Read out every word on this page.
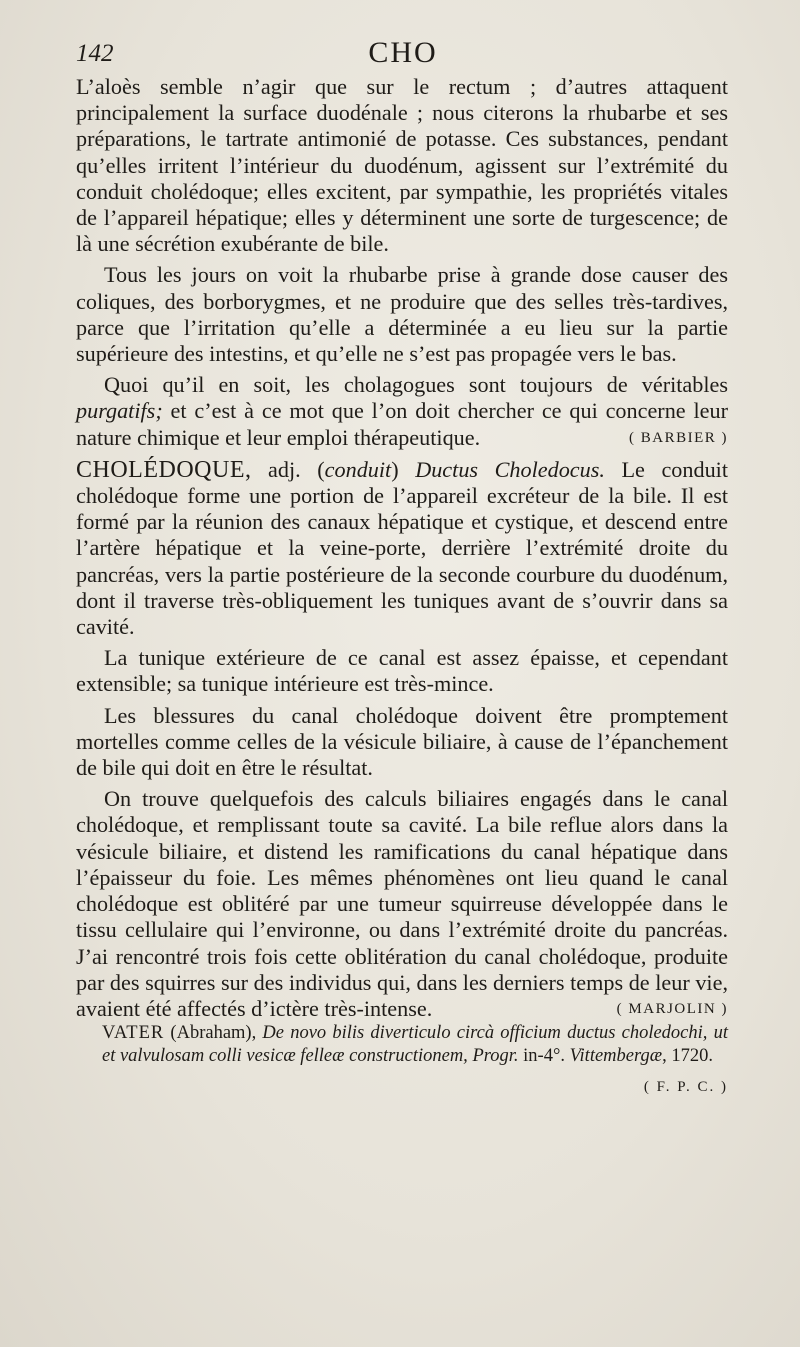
142	CHO

L’aloès semble n’agir que sur le rectum ; d’autres attaquent principalement la surface duodénale ; nous citerons la rhubarbe et ses préparations, le tartrate antimonié de potasse. Ces substances, pendant qu’elles irritent l’intérieur du duodénum, agissent sur l’extrémité du conduit cholédoque; elles excitent, par sympathie, les propriétés vitales de l’appareil hépatique; elles y déterminent une sorte de turgescence; de là une sécrétion exubérante de bile.

Tous les jours on voit la rhubarbe prise à grande dose causer des coliques, des borborygmes, et ne produire que des selles très-tardives, parce que l’irritation qu’elle a déterminée a eu lieu sur la partie supérieure des intestins, et qu’elle ne s’est pas propagée vers le bas.

Quoi qu’il en soit, les cholagogues sont toujours de véritables purgatifs; et c’est à ce mot que l’on doit chercher ce qui concerne leur nature chimique et leur emploi thérapeutique.	( BARBIER )

CHOLÉDOQUE, adj. (conduit) Ductus Choledocus. Le conduit cholédoque forme une portion de l’appareil excréteur de la bile. Il est formé par la réunion des canaux hépatique et cystique, et descend entre l’artère hépatique et la veine-porte, derrière l’extrémité droite du pancréas, vers la partie postérieure de la seconde courbure du duodénum, dont il traverse très-obliquement les tuniques avant de s’ouvrir dans sa cavité.

La tunique extérieure de ce canal est assez épaisse, et cependant extensible; sa tunique intérieure est très-mince.

Les blessures du canal cholédoque doivent être promptement mortelles comme celles de la vésicule biliaire, à cause de l’épanchement de bile qui doit en être le résultat.

On trouve quelquefois des calculs biliaires engagés dans le canal cholédoque, et remplissant toute sa cavité. La bile reflue alors dans la vésicule biliaire, et distend les ramifications du canal hépatique dans l’épaisseur du foie. Les mêmes phénomènes ont lieu quand le canal cholédoque est oblitéré par une tumeur squirreuse développée dans le tissu cellulaire qui l’environne, ou dans l’extrémité droite du pancréas. J’ai rencontré trois fois cette oblitération du canal cholédoque, produite par des squirres sur des individus qui, dans les derniers temps de leur vie, avaient été affectés d’ictère très-intense.	( MARJOLIN )

VATER (Abraham), De novo bilis diverticulo circà officium ductus choledochi, ut et valvulosam colli vesicæ felleæ constructionem, Progr. in-4°. Vittembergæ, 1720.

( F. P. C. )
